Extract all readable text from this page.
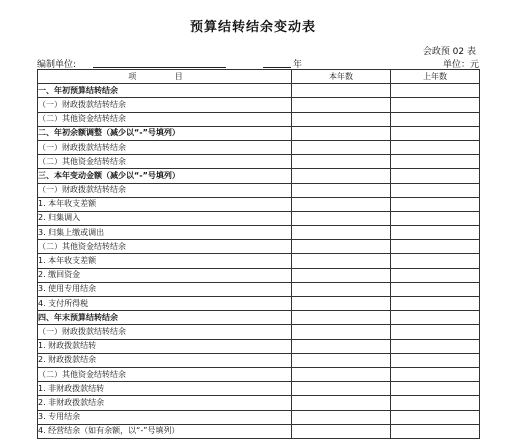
预算结转结余变动表
会政预 02 表
编制单位:	年	单位：元
项 目	本年数	上年数
一、年初预算结转结余		
（一）财政拨款结转结余		
（二）其他资金结转结余		
二、年初余额调整（减少以“-”号填列）		
（一）财政拨款结转结余		
（二）其他资金结转结余		
三、本年变动金额（减少以“-”号填列）		
（一）财政拨款结转结余		
1. 本年收支差额		
2. 归集调入		
3. 归集上缴或调出		
（二）其他资金结转结余		
1. 本年收支差额		
2. 缴回资金		
3. 使用专用结余		
4. 支付所得税		
四、年末预算结转结余		
（一）财政拨款结转结余		
1. 财政拨款结转		
2. 财政拨款结余		
（二）其他资金结转结余		
1. 非财政拨款结转		
2. 非财政拨款结余		
3. 专用结余		
4. 经营结余（如有余额，以“-”号填列）		
